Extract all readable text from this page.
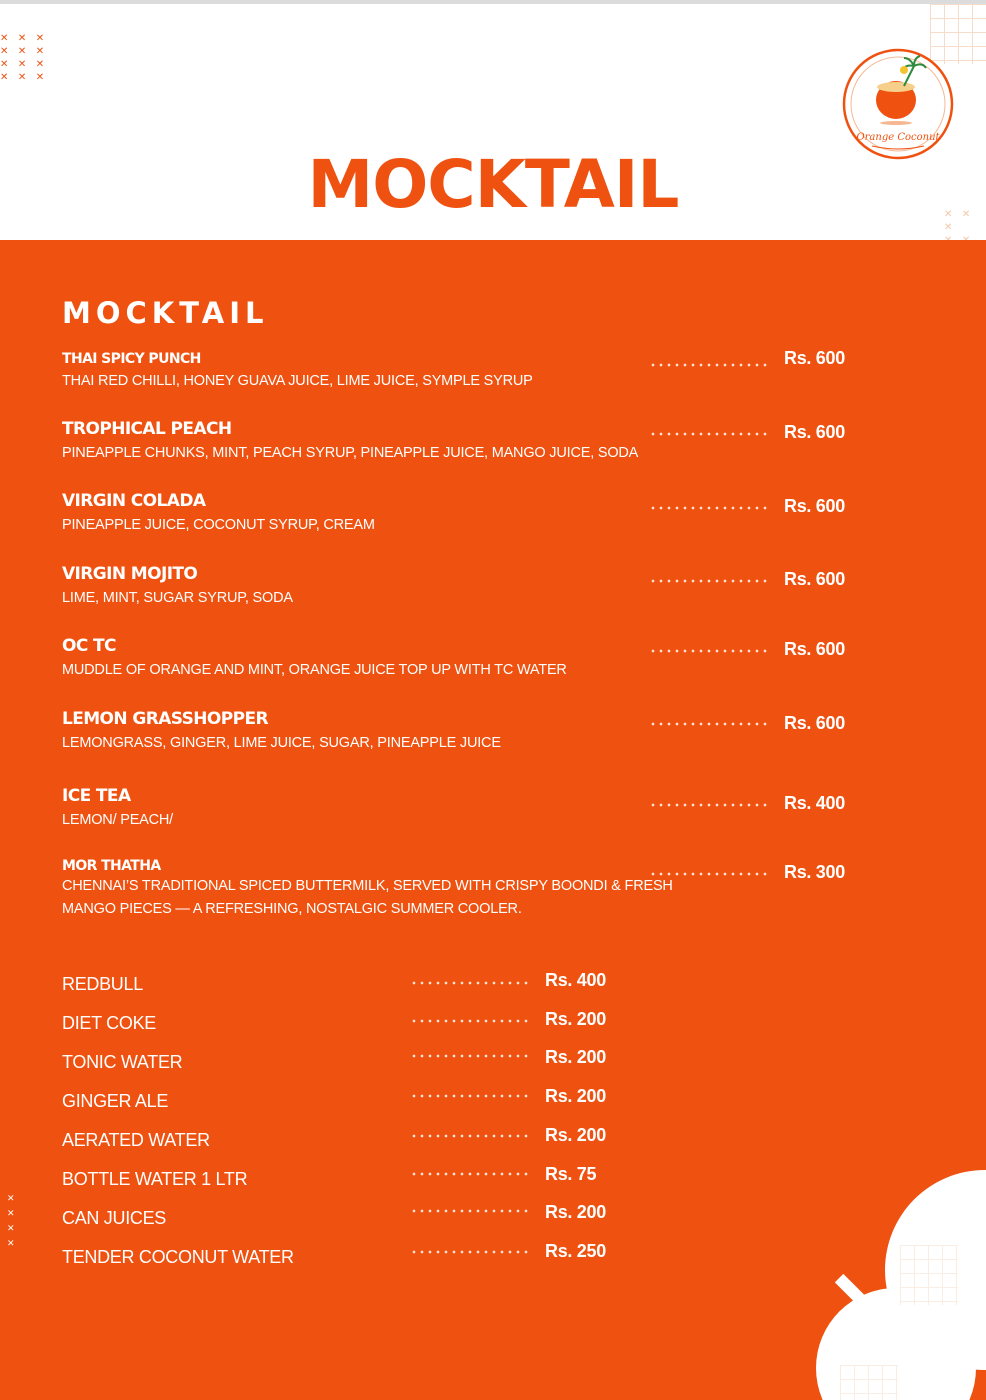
✕ ✕ ✕
✕ ✕ ✕
✕ ✕ ✕
✕ ✕ ✕
✕ ✕ ✕

Orange Coconut
MOCKTAIL
✕
✕
✕
✕
MOCKTAIL
THAI SPICY PUNCH
THAI RED CHILLI, HONEY GUAVA JUICE, LIME JUICE, SYMPLE SYRUP
Rs. 600
TROPHICAL PEACH
PINEAPPLE CHUNKS, MINT, PEACH SYRUP, PINEAPPLE JUICE, MANGO JUICE, SODA
Rs. 600
VIRGIN COLADA
PINEAPPLE JUICE, COCONUT SYRUP, CREAM
Rs. 600
VIRGIN MOJITO
LIME, MINT, SUGAR SYRUP, SODA
Rs. 600
OC TC
MUDDLE OF ORANGE AND MINT, ORANGE JUICE TOP UP WITH TC WATER
Rs. 600
LEMON GRASSHOPPER
LEMONGRASS, GINGER, LIME JUICE, SUGAR, PINEAPPLE JUICE
Rs. 600
ICE TEA
LEMON/ PEACH/
Rs. 400
MOR THATHA
CHENNAI’S TRADITIONAL SPICED BUTTERMILK, SERVED WITH CRISPY BOONDI & FRESH
MANGO PIECES — A REFRESHING, NOSTALGIC SUMMER COOLER.
Rs. 300
REDBULL	Rs. 400
DIET COKE	Rs. 200
TONIC WATER	Rs. 200
GINGER ALE	Rs. 200
AERATED WATER	Rs. 200
BOTTLE WATER 1 LTR	Rs. 75
CAN JUICES	Rs. 200
TENDER COCONUT WATER	Rs. 250
